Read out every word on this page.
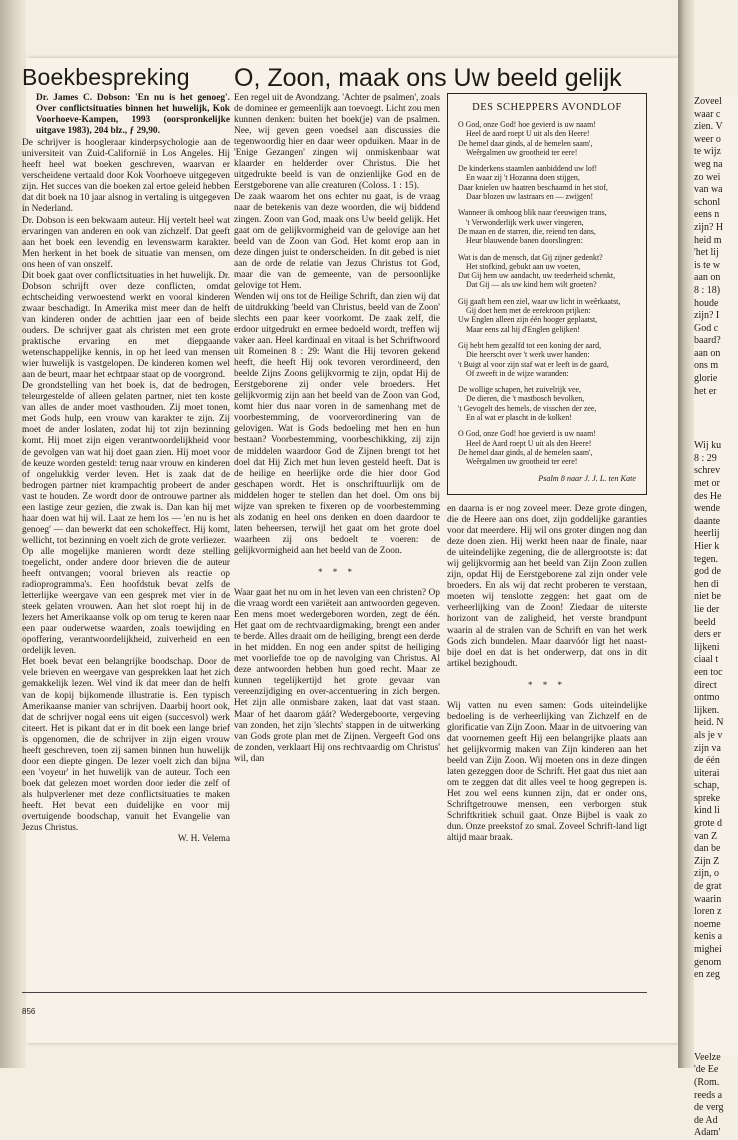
Zoveel
waar c
zien. V
weer o
te wijz
weg na
zo wei
van wa
schonl
eens n
zijn? H
heid m
'het lij
is te w
aan on
8 : 18)
houde
zijn? I
God c
baard?
aan on
ons m
glorie
het er
Wij ku
8 : 29
schrev
met or
des He
wende
daante
heerlij
Hier k
tegen.
god de
hen di
niet be
lie der
beeld
ders er
lijkeni
ciaal t
een toc
direct
ontmo
lijken.
heid. N
als je v
zijn va
de één
uiterai
schap,
spreke
kind li
grote d
van Z
dan be
Zijn Z
zijn, o
de grat
waarin
loren z
noeme
kenis a
mighei
genom
en zeg
Veelze
'de Ee
(Rom.
reeds a
de verg
de Ad
Adam'
Boekbespreking O, Zoon, maak ons Uw beeld gelijk

Dr. James C. Dobson: 'En nu is het genoeg'. Over conflictsituaties binnen het huwelijk, Kok Voorhoeve-Kampen, 1993 (oorspronkelijke uitgave 1983), 204 blz., ƒ 29,90.

De schrijver is hoogleraar kinderpsychologie aan de universiteit van Zuid-Californië in Los Angeles. Hij heeft heel wat boeken geschreven, waarvan er verscheidene vertaald door Kok Voorhoeve uitgegeven zijn. Het succes van die boeken zal ertoe geleid hebben dat dit boek na 10 jaar alsnog in vertaling is uitgegeven in Nederland.

Dr. Dobson is een bekwaam auteur. Hij vertelt heel wat ervaringen van anderen en ook van zichzelf. Dat geeft aan het boek een levendig en levenswarm karakter. Men herkent in het boek de situatie van mensen, om ons heen of van onszelf.

Dit boek gaat over conflictsituaties in het huwelijk. Dr. Dobson schrijft over deze conflicten, omdat echtscheiding verwoestend werkt en vooral kinderen zwaar beschadigt. In Amerika mist meer dan de helft van kinderen onder de achttien jaar een of beide ouders. De schrijver gaat als christen met een grote praktische ervaring en met diepgaande wetenschappelijke kennis, in op het leed van mensen wier huwelijk is vastgelopen. De kinderen komen wel aan de beurt, maar het echtpaar staat op de voorgrond.

De grondstelling van het boek is, dat de bedrogen, teleurgestelde of alleen gelaten partner, niet ten koste van alles de ander moet vasthouden. Zij moet tonen, met Gods hulp, een vrouw van karakter te zijn. Zij moet de ander loslaten, zodat hij tot zijn bezinning komt. Hij moet zijn eigen verantwoordelijkheid voor de gevolgen van wat hij doet gaan zien. Hij moet voor de keuze worden gesteld: terug naar vrouw en kinderen of ongelukkig verder leven. Het is zaak dat de bedrogen partner niet krampachtig probeert de ander vast te houden. Ze wordt door de ontrouwe partner als een lastige zeur gezien, die zwak is. Dan kan hij met haar doen wat hij wil. Laat ze hem los — 'en nu is het genoeg' — dan bewerkt dat een schokeffect. Hij komt, wellicht, tot bezinning en voelt zich de grote verliezer.

Op alle mogelijke manieren wordt deze stelling toegelicht, onder andere door brieven die de auteur heeft ontvangen; vooral brieven als reactie op radioprogramma's. Een hoofdstuk bevat zelfs de letterlijke weergave van een gesprek met vier in de steek gelaten vrouwen. Aan het slot roept hij in de lezers het Amerikaanse volk op om terug te keren naar een paar ouderwetse waarden, zoals toewijding en opoffering, verantwoordelijkheid, zuiverheid en een ordelijk leven.

Het boek bevat een belangrijke boodschap. Door de vele brieven en weergave van gesprekken laat het zich gemakkelijk lezen. Wel vind ik dat meer dan de helft van de kopij bijkomende illustratie is. Een typisch Amerikaanse manier van schrijven. Daarbij hoort ook, dat de schrijver nogal eens uit eigen (succesvol) werk citeert. Het is pikant dat er in dit boek een lange brief is opgenomen, die de schrijver in zijn eigen vrouw heeft geschreven, toen zij samen binnen hun huwelijk door een diepte gingen. De lezer voelt zich dan bijna een 'voyeur' in het huwelijk van de auteur. Toch een boek dat gelezen moet worden door ieder die zelf of als hulpverlener met deze conflictsituaties te maken heeft. Het bevat een duidelijke en voor mij overtuigende boodschap, vanuit het Evangelie van Jezus Christus.

W. H. Velema

Een regel uit de Avondzang. 'Achter de psalmen', zoals de dominee er gemeenlijk aan toevoegt. Licht zou men kunnen denken: buiten het boek(je) van de psalmen. Nee, wij geven geen voedsel aan discussies die tegenwoordig hier en daar weer opduiken. Maar in de 'Enige Gezangen' zingen wij onmiskenbaar wat klaarder en helderder over Christus. Die het uitgedrukte beeld is van de onzienlijke God en de Eerstgeborene van alle creaturen (Coloss. 1 : 15).

De zaak waarom het ons echter nu gaat, is de vraag naar de betekenis van deze woorden, die wij biddend zingen. Zoon van God, maak ons Uw beeld gelijk. Het gaat om de gelijkvormigheid van de gelovige aan het beeld van de Zoon van God. Het komt erop aan in deze dingen juist te onderscheiden. In dit gebed is niet aan de orde de relatie van Jezus Christus tot God, maar die van de gemeente, van de persoonlijke gelovige tot Hem.

Wenden wij ons tot de Heilige Schrift, dan zien wij dat de uitdrukking 'beeld van Christus, beeld van de Zoon' slechts een paar keer voorkomt. De zaak zelf, die erdoor uitgedrukt en ermee bedoeld wordt, treffen wij vaker aan. Heel kardinaal en vitaal is het Schriftwoord uit Romeinen 8 : 29: Want die Hij tevoren gekend heeft, die heeft Hij ook tevoren verordineerd, den beelde Zijns Zoons gelijkvormig te zijn, opdat Hij de Eerstgeborene zij onder vele broeders. Het gelijkvormig zijn aan het beeld van de Zoon van God, komt hier dus naar voren in de samenhang met de voorbestemming, de voorverordinering van de gelovigen. Wat is Gods bedoeling met hen en hun bestaan? Voorbestemming, voorbeschikking, zij zijn de middelen waardoor God de Zijnen brengt tot het doel dat Hij Zich met hun leven gesteld heeft. Dat is de heilige en heerlijke orde die hier door God geschapen wordt. Het is onschriftuurlijk om de middelen hoger te stellen dan het doel. Om ons bij wijze van spreken te fixeren op de voorbestemming als zodanig en heel ons denken en doen daardoor te laten beheersen, terwijl het gaat om het grote doel waarheen zij ons bedoelt te voeren: de gelijkvormigheid aan het beeld van de Zoon.

* * *

Waar gaat het nu om in het leven van een christen? Op die vraag wordt een variëteit aan antwoorden gegeven. Een mens moet wedergeboren worden, zegt de één. Het gaat om de rechtvaardigmaking, brengt een ander te berde. Alles draait om de heiliging, brengt een derde in het midden. En nog een ander spitst de heiliging met voorliefde toe op de navolging van Christus. Al deze antwoorden hebben hun goed recht. Maar ze kunnen tegelijkertijd het grote gevaar van vereenzijdiging en over-accentuering in zich bergen. Het zijn alle onmisbare zaken, laat dat vast staan. Maar of het daarom gáát? Wedergeboorte, vergeving van zonden, het zijn 'slechts' stappen in de uitwerking van Gods grote plan met de Zijnen. Vergeeft God ons de zonden, verklaart Hij ons rechtvaardig om Christus' wil, dan

DES SCHEPPERS AVONDLOF
O God, onze God! hoe gevierd is uw naam!
Heel de aard roept U uit als den Heere!
De hemel daar ginds, al de hemelen saam',
Weêrgalmen uw grootheid ter eere!
De kinderkens staamlen aanbiddend uw lof!
En waar zij 't Hozanna doen stijgen,
Daar knielen uw haatren beschaamd in het stof,
Daar blozen uw lastraars en — zwijgen!
Wanneer ik omhoog blik naar t'eeuwigen trans,
't Verwonderlijk werk uwer vingeren,
De maan en de starren, die, reiend ten dans,
Heur blauwende banen doorslingren:
Wat is dan de mensch, dat Gij zijner gedenkt?
Het stofkind, gebukt aan uw voeten,
Dat Gij hem uw aandacht, uw teederheid schenkt,
Dat Gij — als uw kind hem wilt groeten?
Gij gaaft hem een ziel, waar uw licht in weêrkaatst,
Gij doet hem met de eerekroon prijken:
Uw Englen alleen zijn één hooger geplaatst,
Maar eens zal hij d'Englen gelijken!
Gij hebt hem gezalfd tot een koning der aard,
Die heerscht over 't werk uwer handen:
't Buigt al voor zijn staf wat er leeft in de gaard,
Of zweeft in de wijze waranden:
De wollige schapen, het zuivelrijk vee,
De dieren, die 't mastbosch bevolken,
't Gevogelt des hemels, de visschen der zee,
En al wat er plascht in de kolken!
O God, onze God! hoe gevierd is uw naam!
Heel de Aard roept U uit als den Heere!
De hemel daar ginds, al de hemelen saam',
Weêrgalmen uw grootheid ter eere!
Psalm 8 naar J. J. L. ten Kate

en daarna is er nog zoveel meer. Deze grote dingen, die de Heere aan ons doet, zijn goddelijke garanties voor dat meerdere. Hij wil ons groter dingen nog dan deze doen zien. Hij werkt heen naar de finale, naar de uiteindelijke zegening, die de allergrootste is: dat wij gelijkvormig aan het beeld van Zijn Zoon zullen zijn, opdat Hij de Eerstgeborene zal zijn onder vele broeders. En als wij dat recht proberen te verstaan, moeten wij tenslotte zeggen: het gaat om de verheerlijking van de Zoon! Ziedaar de uiterste horizont van de zaligheid, het verste brandpunt waarin al de stralen van de Schrift en van het werk Gods zich bundelen. Maar daarvóór ligt het naast-bije doel en dat is het onderwerp, dat ons in dit artikel bezighoudt.

* * *

Wij vatten nu even samen: Gods uiteindelijke bedoeling is de verheerlijking van Zichzelf en de glorificatie van Zijn Zoon. Maar in de uitvoering van dat voornemen geeft Hij een belangrijke plaats aan het gelijkvormig maken van Zijn kinderen aan het beeld van Zijn Zoon. Wij moeten ons in deze dingen laten gezeggen door de Schrift. Het gaat dus niet aan om te zeggen dat dit alles veel te hoog gegrepen is. Het zou wel eens kunnen zijn, dat er onder ons, Schriftgetrouwe mensen, een verborgen stuk Schriftkritiek schuil gaat. Onze Bijbel is vaak zo dun. Onze preekstof zo smal. Zoveel Schrift-land ligt altijd maar braak.

856
